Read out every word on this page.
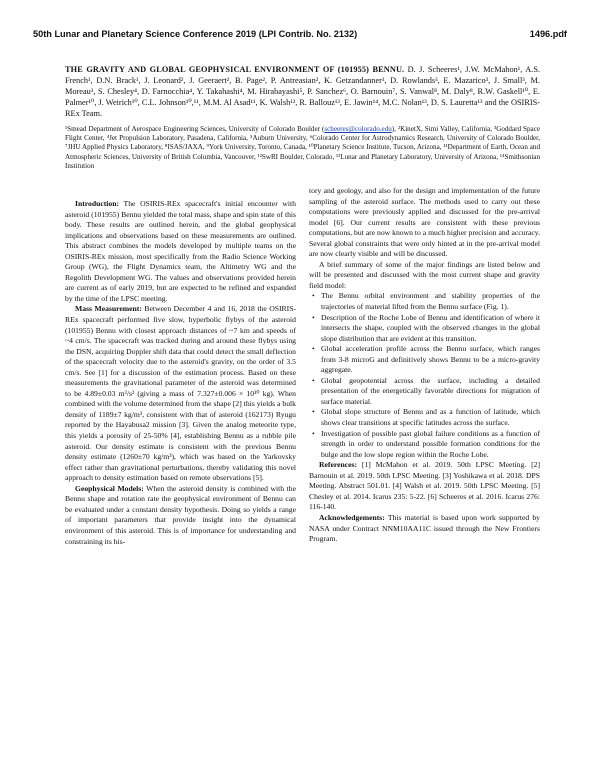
50th Lunar and Planetary Science Conference 2019 (LPI Contrib. No. 2132)	1496.pdf
THE GRAVITY AND GLOBAL GEOPHYSICAL ENVIRONMENT OF (101955) BENNU. D. J. Scheeres¹, J.W. McMahon¹, A.S. French¹, D.N. Brack¹, J. Leonard², J. Geeraert², B. Page², P. Antreasian², K. Getzandanner³, D. Rowlands³, E. Mazarico³, J. Small³, M. Moreau³, S. Chesley⁴, D. Farnocchia⁴, Y. Takahashi⁴, M. Hirabayashi⁵, P. Sanchez⁶, O. Barnouin⁷, S. Vanwal⁸, M. Daly⁸, R.W. Gaskell¹⁰, E. Palmer¹⁰, J. Weirich¹⁰, C.L. Johnson¹⁰,¹¹, M.M. Al Asad¹¹, K. Walsh¹², R. Ballouz¹³, E. Jawin¹⁴, M.C. Nolan¹³, D. S. Lauretta¹³ and the OSIRIS-REx Team.
¹Smead Department of Aerospace Engineering Sciences, University of Colorado Boulder (scheeres@colorado.edu), ²KinetX, Simi Valley, California, ³Goddard Space Flight Center, ⁴Jet Propulsion Laboratory, Pasadena, California, ⁵Auburn University, ⁶Colorado Center for Astrodynamics Research, University of Colorado Boulder, ⁷JHU Applied Physics Laboratory, ⁸ISAS/JAXA, ⁹York University, Toronto, Canada, ¹⁰Planetary Science Institute, Tucson, Arizona, ¹¹Department of Earth, Ocean and Atmospheric Sciences, University of British Columbia, Vancouver, ¹²SwRI Boulder, Colorado, ¹³Lunar and Planetary Laboratory, University of Arizona, ¹⁴Smithsonian Institution

Introduction: The OSIRIS-REx spacecraft's initial encounter with asteroid (101955) Bennu yielded the total mass, shape and spin state of this body. These results are outlined herein, and the global geophysical implications and observations based on these measurements are outlined. This abstract combines the models developed by multiple teams on the OSIRIS-REx mission, most specifically from the Radio Science Working Group (WG), the Flight Dynamics team, the Altimetry WG and the Regolith Development WG. The values and observations provided herein are current as of early 2019, but are expected to be refined and expanded by the time of the LPSC meeting.

Mass Measurement: Between December 4 and 16, 2018 the OSIRIS-REx spacecraft performed five slow, hyperbolic flybys of the asteroid (101955) Bennu with closest approach distances of ~7 km and speeds of ~4 cm/s. The spacecraft was tracked during and around these flybys using the DSN, acquiring Doppler shift data that could detect the small deflection of the spacecraft velocity due to the asteroid's gravity, on the order of 3.5 cm/s. See [1] for a discussion of the estimation process. Based on these measurements the gravitational parameter of the asteroid was determined to be 4.89±0.03 m³/s² (giving a mass of 7.327±0.006 × 10¹⁰ kg). When combined with the volume determined from the shape [2] this yields a bulk density of 1189±7 kg/m³, consistent with that of asteroid (162173) Ryugu reported by the Hayabusa2 mission [3]. Given the analog meteorite type, this yields a porosity of 25-50% [4], establishing Bennu as a rubble pile asteroid. Our density estimate is consistent with the previous Bennu density estimate (1260±70 kg/m³), which was based on the Yarkovsky effect rather than gravitational perturbations, thereby validating this novel approach to density estimation based on remote observations [5].

Geophysical Models: When the asteroid density is combined with the Bennu shape and rotation rate the geophysical environment of Bennu can be evaluated under a constant density hypothesis. Doing so yields a range of important parameters that provide insight into the dynamical environment of this asteroid. This is of importance for understanding and constraining its his-

tory and geology, and also for the design and implementation of the future sampling of the asteroid surface. The methods used to carry out these computations were previously applied and discussed for the pre-arrival model [6]. Our current results are consistent with these previous computations, but are now known to a much higher precision and accuracy. Several global constraints that were only hinted at in the pre-arrival model are now clearly visible and will be discussed.

A brief summary of some of the major findings are listed below and will be presented and discussed with the most current shape and gravity field model:

• The Bennu orbital environment and stability properties of the trajectories of material lifted from the Bennu surface (Fig. 1).
• Description of the Roche Lobe of Bennu and identification of where it intersects the shape, coupled with the observed changes in the global slope distribution that are evident at this transition.
• Global acceleration profile across the Bennu surface, which ranges from 3-8 microG and definitively shows Bennu to be a micro-gravity aggregate.
• Global geopotential across the surface, including a detailed presentation of the energetically favorable directions for migration of surface material.
• Global slope structure of Bennu and as a function of latitude, which shows clear transitions at specific latitudes across the surface.
• Investigation of possible past global failure conditions as a function of strength in order to understand possible formation conditions for the bulge and the low slope region within the Roche Lobe.

References: [1] McMahon et al. 2019. 50th LPSC Meeting. [2] Barnouin et al. 2019. 50th LPSC Meeting. [3] Yoshikawa et al. 2018. DPS Meeting. Abstract 501.01. [4] Walsh et al. 2019. 50th LPSC Meeting. [5] Chesley et al. 2014. Icarus 235: 5-22. [6] Scheeres et al. 2016. Icarus 276: 116-140.

Acknowledgements: This material is based upon work supported by NASA under Contract NNM10AA11C issued through the New Frontiers Program.
